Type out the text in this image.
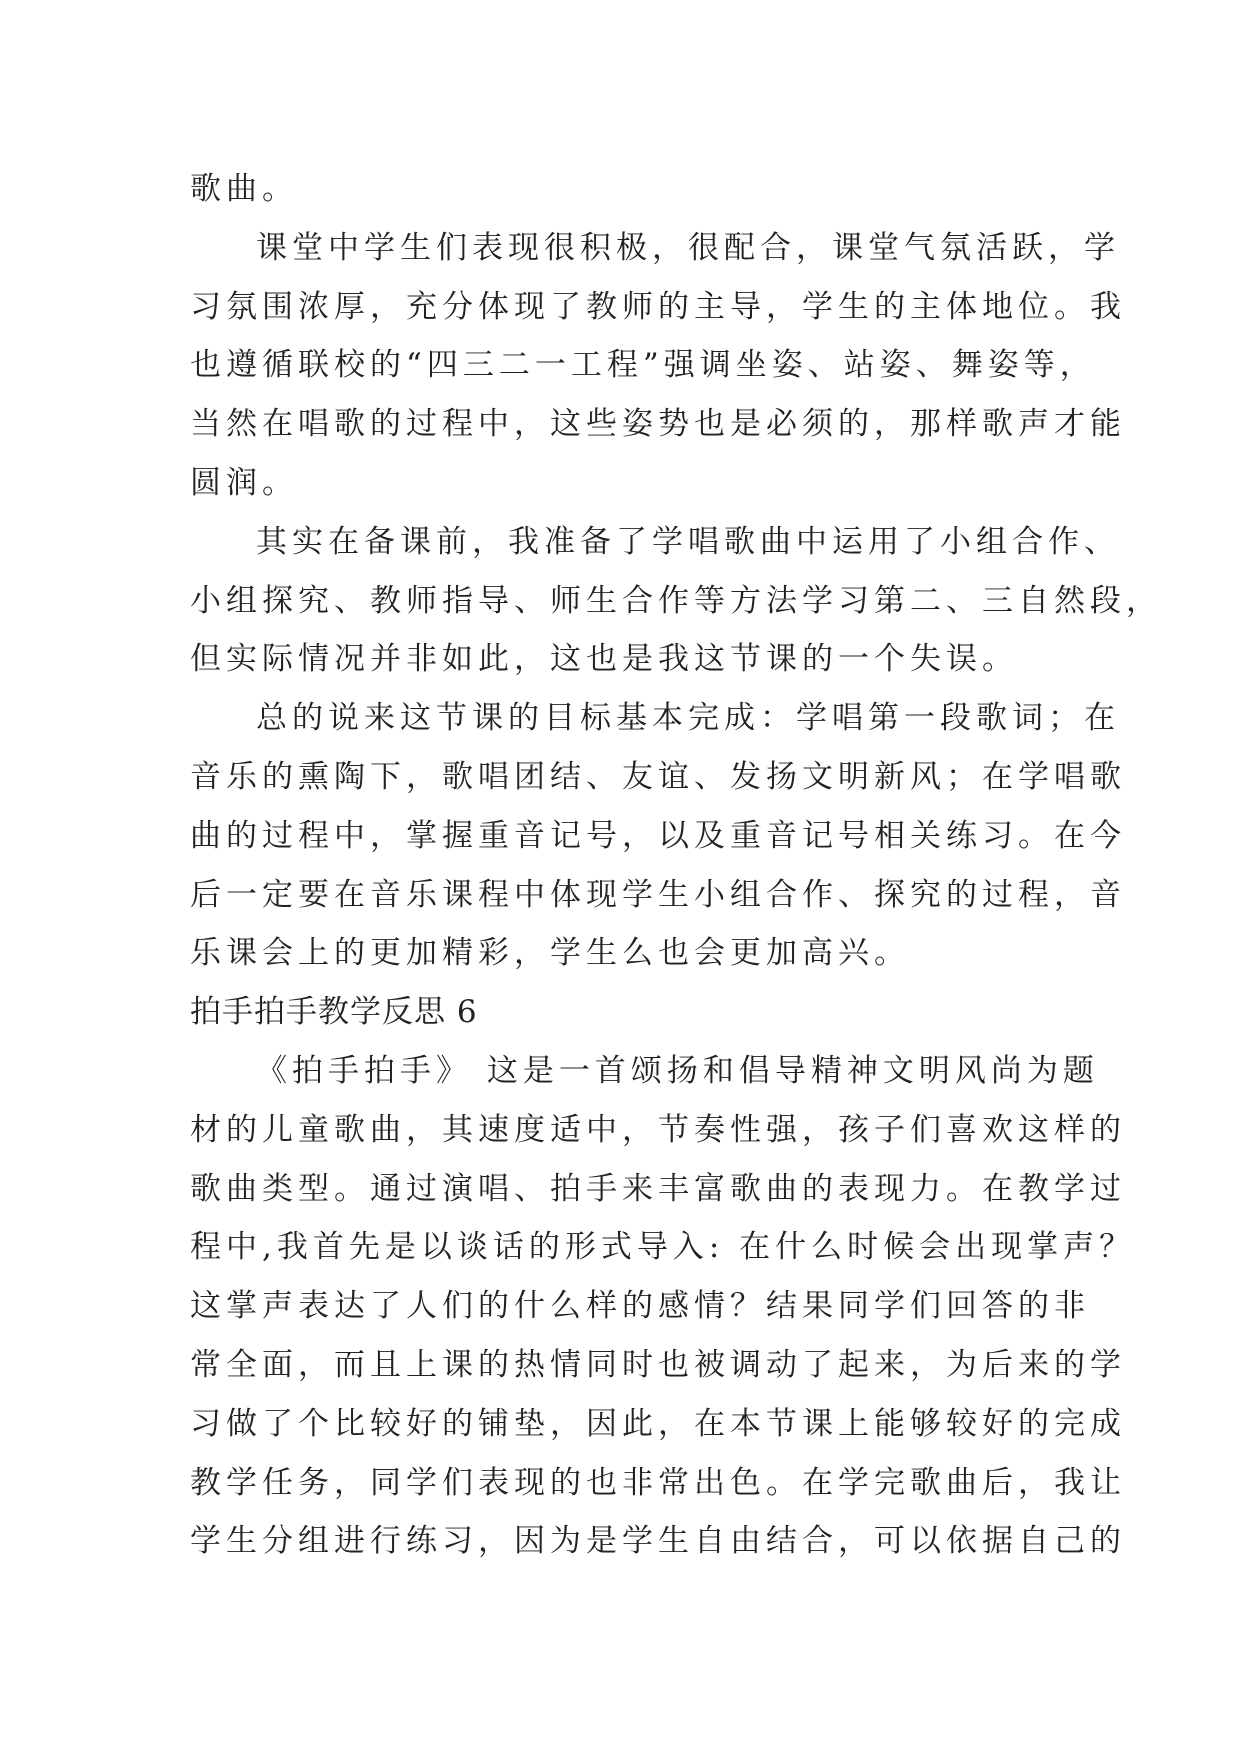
歌曲。
课堂中学生们表现很积极，很配合，课堂气氛活跃，学
习氛围浓厚，充分体现了教师的主导，学生的主体地位。我
也遵循联校的“四三二一工程”强调坐姿、站姿、舞姿等，
当然在唱歌的过程中，这些姿势也是必须的，那样歌声才能
圆润。
其实在备课前，我准备了学唱歌曲中运用了小组合作、
小组探究、教师指导、师生合作等方法学习第二、三自然段，
但实际情况并非如此，这也是我这节课的一个失误。
总的说来这节课的目标基本完成：学唱第一段歌词；在
音乐的熏陶下，歌唱团结、友谊、发扬文明新风；在学唱歌
曲的过程中，掌握重音记号，以及重音记号相关练习。在今
后一定要在音乐课程中体现学生小组合作、探究的过程，音
乐课会上的更加精彩，学生么也会更加高兴。
拍手拍手教学反思 6
《拍手拍手》 这是一首颂扬和倡导精神文明风尚为题
材的儿童歌曲，其速度适中，节奏性强，孩子们喜欢这样的
歌曲类型。通过演唱、拍手来丰富歌曲的表现力。在教学过
程中,我首先是以谈话的形式导入: 在什么时候会出现掌声？
这掌声表达了人们的什么样的感情？结果同学们回答的非
常全面，而且上课的热情同时也被调动了起来，为后来的学
习做了个比较好的铺垫，因此，在本节课上能够较好的完成
教学任务，同学们表现的也非常出色。在学完歌曲后，我让
学生分组进行练习，因为是学生自由结合，可以依据自己的
